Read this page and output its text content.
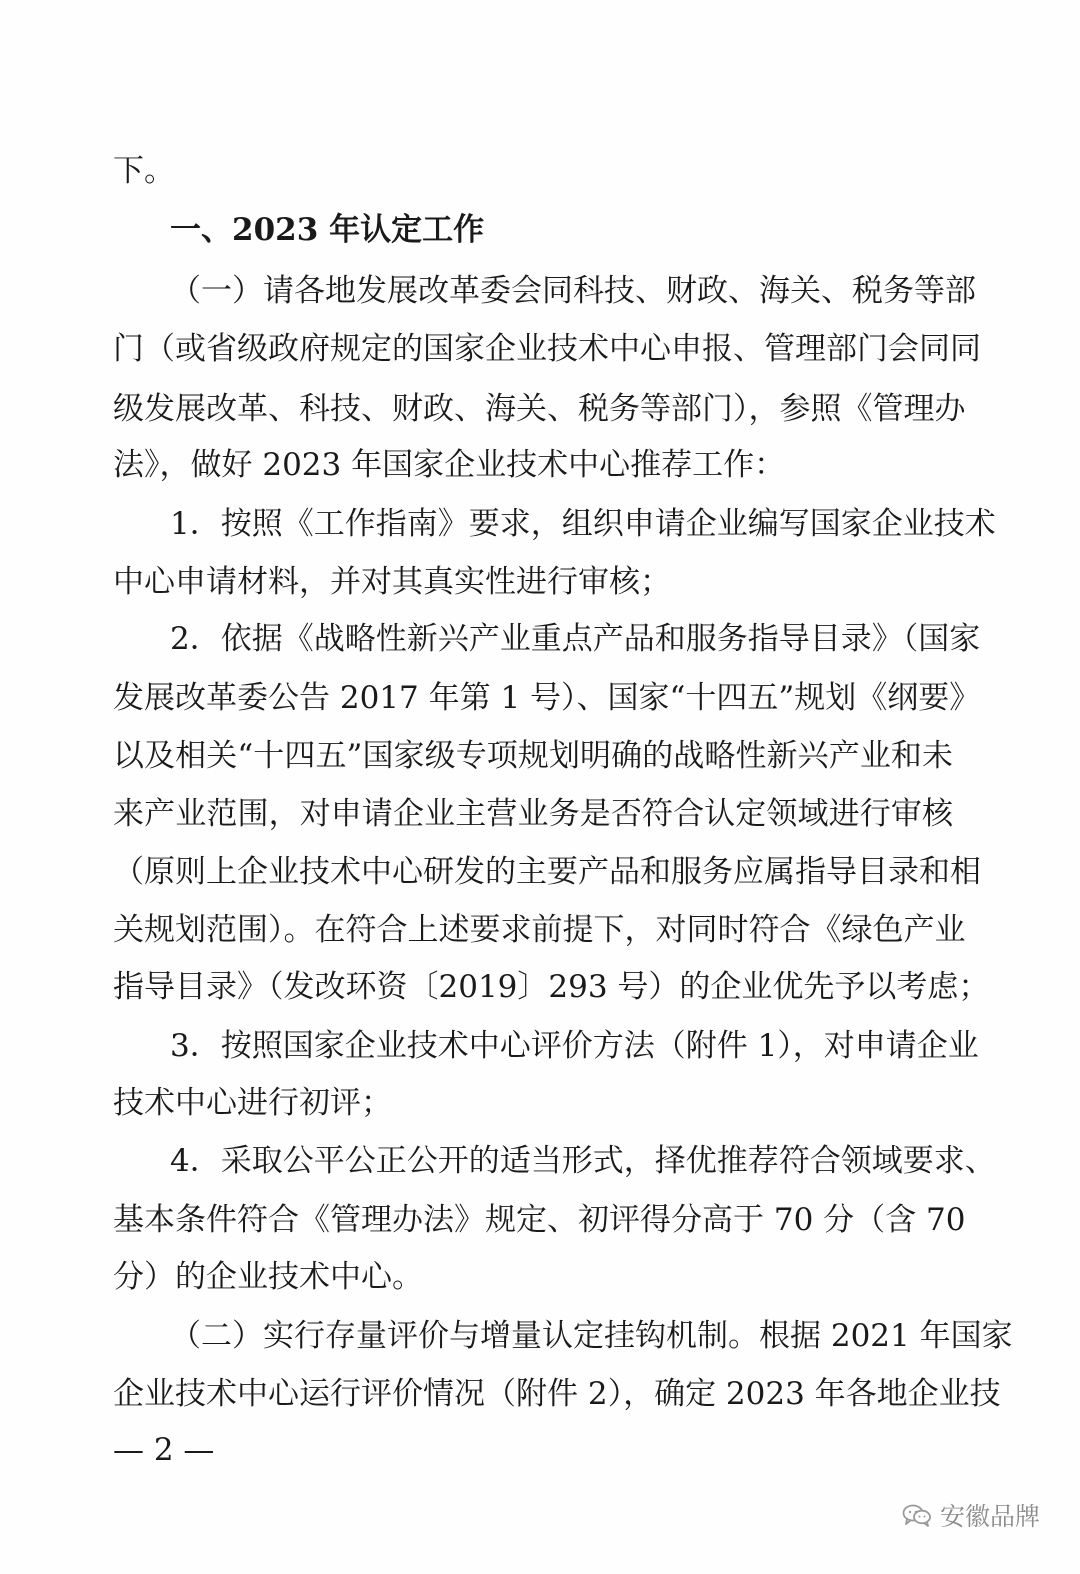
下。
一、2023 年认定工作
（一）请各地发展改革委会同科技、财政、海关、税务等部
门（或省级政府规定的国家企业技术中心申报、管理部门会同同
级发展改革、科技、财政、海关、税务等部门），参照《管理办
法》，做好 2023 年国家企业技术中心推荐工作：
1．按照《工作指南》要求，组织申请企业编写国家企业技术
中心申请材料，并对其真实性进行审核；
2．依据《战略性新兴产业重点产品和服务指导目录》（国家
发展改革委公告 2017 年第 1 号）、国家“十四五”规划《纲要》
以及相关“十四五”国家级专项规划明确的战略性新兴产业和未
来产业范围，对申请企业主营业务是否符合认定领域进行审核
（原则上企业技术中心研发的主要产品和服务应属指导目录和相
关规划范围）。在符合上述要求前提下，对同时符合《绿色产业
指导目录》（发改环资〔2019〕293 号）的企业优先予以考虑；
3．按照国家企业技术中心评价方法（附件 1），对申请企业
技术中心进行初评；
4．采取公平公正公开的适当形式，择优推荐符合领域要求、
基本条件符合《管理办法》规定、初评得分高于 70 分（含 70
分）的企业技术中心。
（二）实行存量评价与增量认定挂钩机制。根据 2021 年国家
企业技术中心运行评价情况（附件 2），确定 2023 年各地企业技
— 2 —
安徽品牌
